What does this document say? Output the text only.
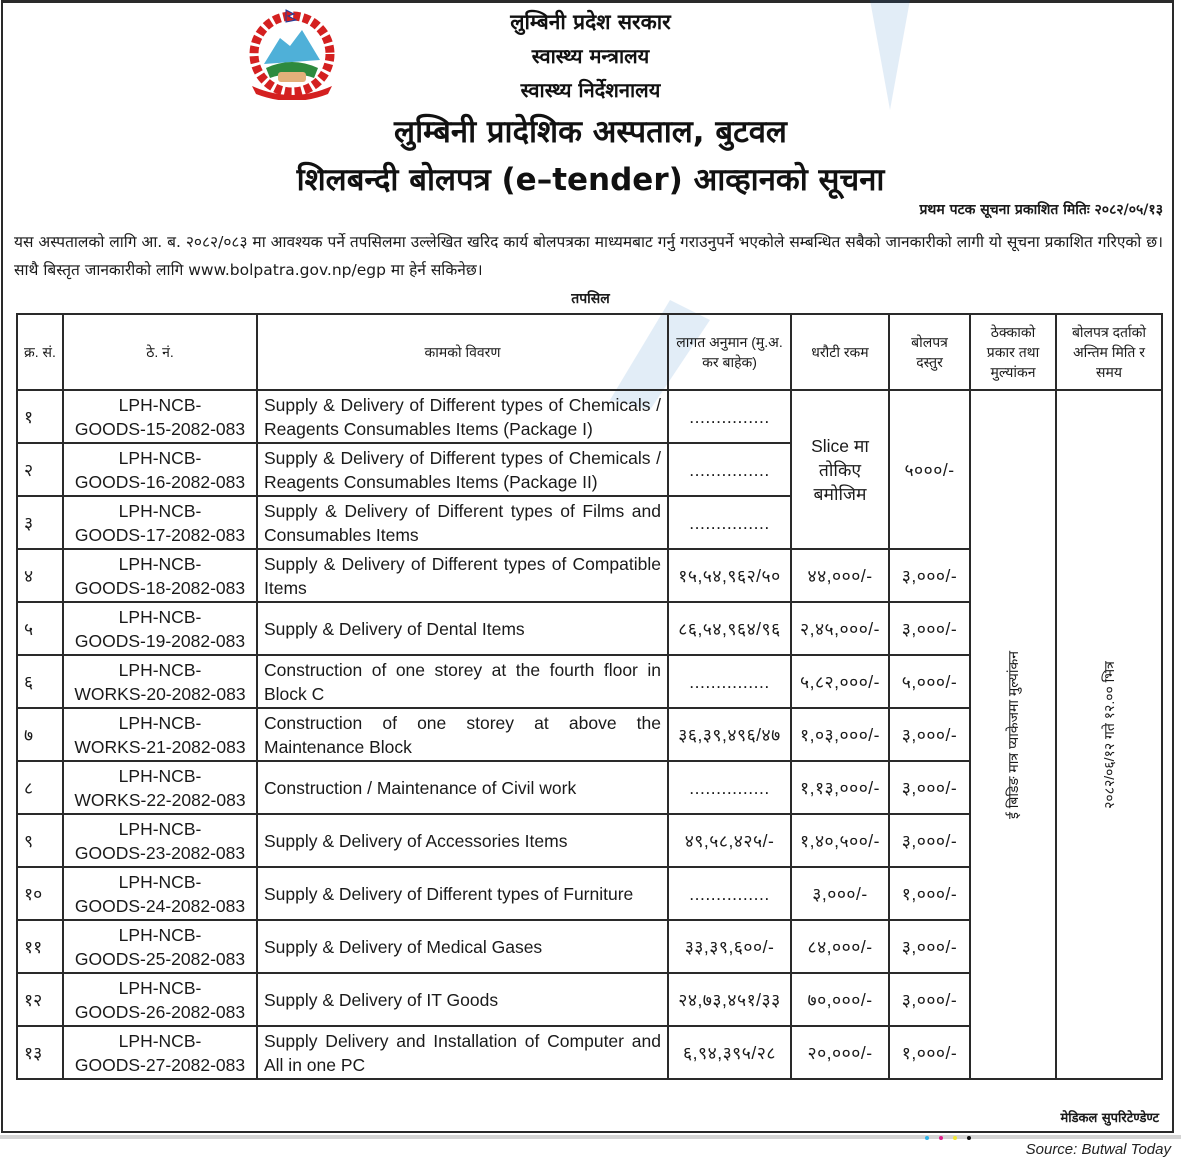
लुम्बिनी प्रदेश सरकार
स्वास्थ्य मन्त्रालय
स्वास्थ्य निर्देशनालय
लुम्बिनी प्रादेशिक अस्पताल, बुटवल
शिलबन्दी बोलपत्र (e–tender) आव्हानको सूचना
प्रथम पटक सूचना प्रकाशित मितिः २०८२/०५/१३
यस अस्पतालको लागि आ. ब. २०८२/०८३ मा आवश्यक पर्ने तपसिलमा उल्लेखित खरिद कार्य बोलपत्रका माध्यमबाट गर्नु गराउनुपर्ने भएकोले सम्बन्धित सबैको जानकारीको लागी यो सूचना प्रकाशित गरिएको छ। साथै बिस्तृत जानकारीको लागि www.bolpatra.gov.np/egp मा हेर्न सकिनेछ।
तपसिल
क्र. सं.	ठे. नं.	कामको विवरण	लागत अनुमान (मु.अ. कर बाहेक)	धरौटी रकम	बोलपत्र दस्तुर	ठेक्काको प्रकार तथा मुल्यांकन	बोलपत्र दर्ताको अन्तिम मिति र समय
१	LPH-NCB-
GOODS-15-2082-083	Supply & Delivery of Different types of Chemicals / Reagents Consumables Items (Package I)	...............	Slice मा तोकिए बमोजिम	५०००/-	ई बिडिङ मात्र प्याकेजमा मुल्यांकन	२०८२/०६/१२ गते १२.०० भित्र

२	LPH-NCB-
GOODS-16-2082-083	Supply & Delivery of Different types of Chemicals / Reagents Consumables Items (Package II)	...............				
३	LPH-NCB-
GOODS-17-2082-083	Supply & Delivery of Different types of Films and Consumables Items	...............				
४	LPH-NCB-
GOODS-18-2082-083	Supply & Delivery of Different types of Compatible Items	१५,५४,९६२/५०	४४,०००/-	३,०००/-		
५	LPH-NCB-
GOODS-19-2082-083	Supply & Delivery of Dental Items	८६,५४,९६४/९६	२,४५,०००/-	३,०००/-		
६	LPH-NCB-
WORKS-20-2082-083	Construction of one storey at the fourth floor in Block C	...............	५,८२,०००/-	५,०००/-		
७	LPH-NCB-
WORKS-21-2082-083	Construction of one storey at above the Maintenance Block	३६,३९,४९६/४७	१,०३,०००/-	३,०००/-		
८	LPH-NCB-
WORKS-22-2082-083	Construction / Maintenance of Civil work	...............	१,१३,०००/-	३,०००/-		
९	LPH-NCB-
GOODS-23-2082-083	Supply & Delivery of Accessories Items	४९,५८,४२५/-	१,४०,५००/-	३,०००/-		
१०	LPH-NCB-
GOODS-24-2082-083	Supply & Delivery of Different types of Furniture	...............	३,०००/-	१,०००/-		
११	LPH-NCB-
GOODS-25-2082-083	Supply & Delivery of Medical Gases	३३,३९,६००/-	८४,०००/-	३,०००/-		
१२	LPH-NCB-
GOODS-26-2082-083	Supply & Delivery of IT Goods	२४,७३,४५१/३३	७०,०००/-	३,०००/-		
१३	LPH-NCB-
GOODS-27-2082-083	Supply Delivery and Installation of Computer and All in one PC	६,९४,३९५/२८	२०,०००/-	१,०००/-		
मेडिकल सुपरिटेण्डेण्ट
Source: Butwal Today
